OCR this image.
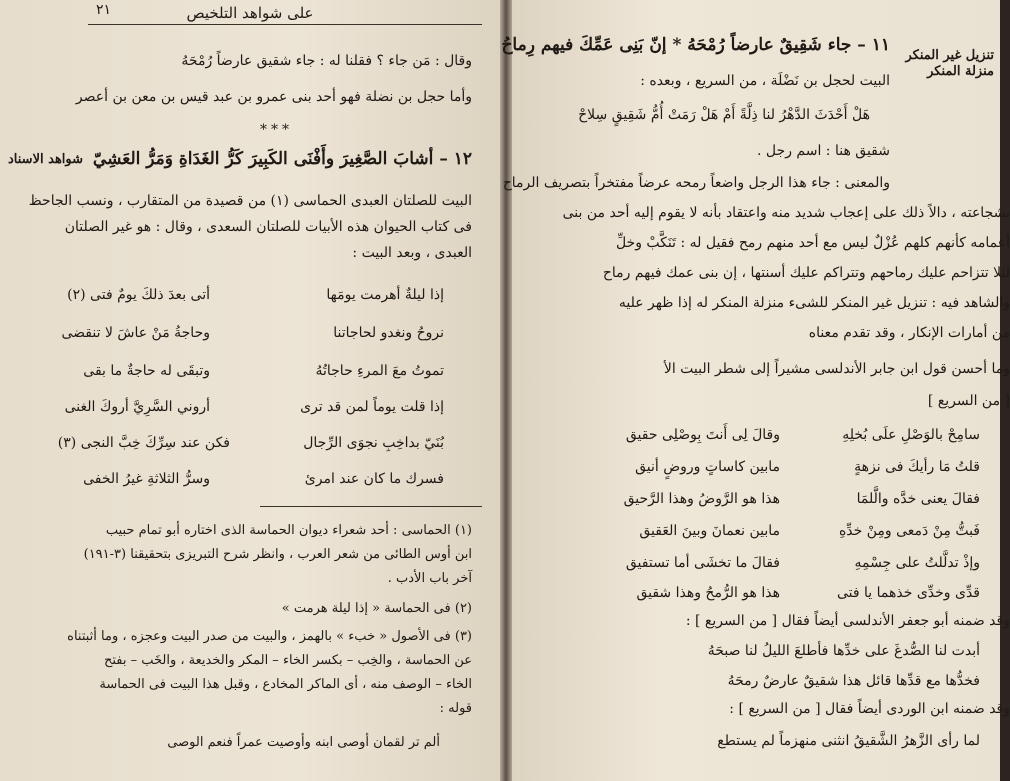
على شواهد التلخيص
٢١
وقال : مَن جاء ؟ فقلنا له : جاء شقيق عارضاً رُمْحَهُ
وأما حجل بن نضلة فهو أحد بنى عمرو بن عبد قيس بن معن بن أعصر
***
١٢ – أشابَ الصَّغِيرَ وأَفْنَى الكَبِيرَ كَرُّ الغَدَاةِ وَمَرُّ العَشِيّ
البيت للصلتان العبدى الحماسى (١) من قصيدة من المتقارب ، ونسب الجاحظ
فى كتاب الحيوان هذه الأبيات للصلتان السعدى ، وقال : هو غير الصلتان
العبدى ، وبعد البيت :
إذا ليلةٌ أهرمت يومَها
أتى بعدَ ذلكَ يومٌ فتى (٢)
نروحُ ونغدو لحاجاتنا
وحاجةُ مَنْ عاشَ لا تنقضى
تموتُ معَ المرءِ حاجاتُهُ
وتبقَى له حاجةٌ ما بقى
إذا قلت يوماً لمن قد ترى
أروني السَّرِيَّ أروكَ الغنى
بُنَيّ بداخِبِ نجوَى الرِّجال
فكن عند سِرِّكَ خِبَّ النجى (٣)
فسرك ما كان عند امرئ
وسرُّ الثلاثةِ غيرُ الخفى
(١) الحماسى : أحد شعراء ديوان الحماسة الذى اختاره أبو تمام حبيب
ابن أوس الطائى من شعر العرب ، وانظر شرح التبريزى بتحقيقنا (٣-١٩١)
آخر باب الأدب .
(٢) فى الحماسة « إذا ليلة هرمت »
(٣) فى الأصول « خبء » بالهمز ، والبيت من صدر البيت وعجزه ، وما أثبتناه
عن الحماسة ، والخِب – بكسر الخاء – المكر والخديعة ، والخَب – بفتح
الخاء – الوصف منه ، أى الماكر المخادع ، وقبل هذا البيت فى الحماسة
قوله :
ألم تر لقمان أوصى ابنه وأوصيت عمراً فنعم الوصى
شواهد الاسناد
تنزيل غير المنكر
منزلة المنكر
١١ – جاء شَقِيقٌ عارضاً رُمْحَهُ * إنّ بَنِى عَمِّكَ فيهم رِماحُ
البيت لحجل بن نَضْلَة ، من السريع ، وبعده :
هَلْ أَحْدَثَ الدَّهْرُ لنا ذِلَّةً أَمْ هَلْ رَمَتْ أُمُّ شَقِيقٍ سِلاحْ
شقيق هنا : اسم رجل .
والمعنى : جاء هذا الرجل واضعاً رمحه عرضاً مفتخراً بتصريف الرماح
بشجاعته ، دالاً ذلك على إعجاب شديد منه واعتقاد بأنه لا يقوم إليه أحد من بنى
أعمامه كأنهم كلهم عُزْلٌ ليس مع أحد منهم رمح فقيل له : تَنَكَّبْ وخلِّ
لئلا تتزاحم عليك رماحهم وتتراكم عليك أسنتها ، إن بنى عمك فيهم رماح
والشاهد فيه : تنزيل غير المنكر للشىء منزلة المنكر له إذا ظهر عليه
من أمارات الإنكار ، وقد تقدم معناه
وما أحسن قول ابن جابر الأندلسى مشيراً إلى شطر البيت الأ
[ من السريع ]
سامِحْ بالوَصْلِ علَى بُخلِهِ
وقالَ لِى أَنتَ بِوصْلِى حقيق
قلتُ مَا رأيكَ فى نزهةٍ
مابين كاساتٍ وروضٍ أنيق
فقالَ يعنى خدَّه والَّلمَا
هذا هو الرَّوضُ وهذا الرَّحيق
فَبتُّ مِنْ دَمعى ومِنْ خدِّهِ
مابين نعمانَ وبينَ العَقيق
وإذْ تدلَّلتُ على جِسْمِهِ
فقالَ ما تخشَى أما تستفيق
قدِّى وخدِّى خذهما يا فتى
هذا هو الرُّمحُ وهذا شقيق
وقد ضمنه أبو جعفر الأندلسى أيضاً فقال [ من السريع ] :
أبدت لنا الصُّدغَ على خدِّها فأطلعَ الليلُ لنا صبحَهُ
فخدُّها مع قدِّها قائل هذا شقيقٌ عارضٌ رمحَهُ
وقد ضمنه ابن الوردى أيضاً فقال [ من السريع ] :
لما رأى الزَّهرُ الشَّقيقُ انثنى منهزماً لم يستطع
